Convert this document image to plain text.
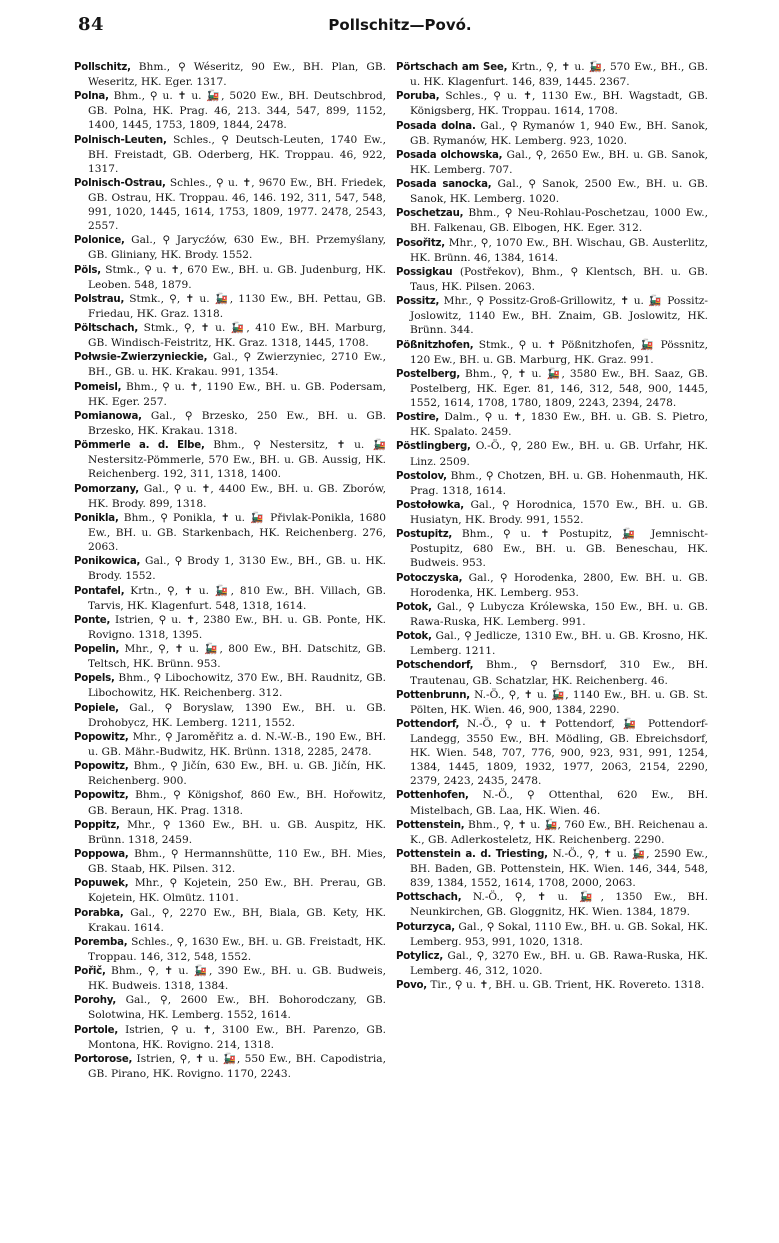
84	Pollschitz—Povó.

Pollschitz, Bhm., ⚲ Wéseritz, 90 Ew., BH. Plan, GB. Weseritz, HK. Eger. 1317.

Polna, Bhm., ⚲ u. ✝ u. 🚂, 5020 Ew., BH. Deutschbrod, GB. Polna, HK. Prag. 46, 213. 344, 547, 899, 1152, 1400, 1445, 1753, 1809, 1844, 2478.

Polnisch-Leuten, Schles., ⚲ Deutsch-Leuten, 1740 Ew., BH. Freistadt, GB. Oderberg, HK. Troppau. 46, 922, 1317.

Polnisch-Ostrau, Schles., ⚲ u. ✝, 9670 Ew., BH. Friedek, GB. Ostrau, HK. Troppau. 46, 146. 192, 311, 547, 548, 991, 1020, 1445, 1614, 1753, 1809, 1977. 2478, 2543, 2557.

Polonice, Gal., ⚲ Jarycźów, 630 Ew., BH. Przemyślany, GB. Gliniany, HK. Brody. 1552.

Pöls, Stmk., ⚲ u. ✝, 670 Ew., BH. u. GB. Judenburg, HK. Leoben. 548, 1879.

Polstrau, Stmk., ⚲, ✝ u. 🚂, 1130 Ew., BH. Pettau, GB. Friedau, HK. Graz. 1318.

Pöltschach, Stmk., ⚲, ✝ u. 🚂, 410 Ew., BH. Marburg, GB. Windisch-Feistritz, HK. Graz. 1318, 1445, 1708.

Połwsie-Zwierzynieckie, Gal., ⚲ Zwierzyniec, 2710 Ew., BH., GB. u. HK. Krakau. 991, 1354.

Pomeisl, Bhm., ⚲ u. ✝, 1190 Ew., BH. u. GB. Podersam, HK. Eger. 257.

Pomianowa, Gal., ⚲ Brzesko, 250 Ew., BH. u. GB. Brzesko, HK. Krakau. 1318.

Pömmerle a. d. Elbe, Bhm., ⚲ Nestersitz, ✝ u. 🚂 Nestersitz-Pömmerle, 570 Ew., BH. u. GB. Aussig, HK. Reichenberg. 192, 311, 1318, 1400.

Pomorzany, Gal., ⚲ u. ✝, 4400 Ew., BH. u. GB. Zborów, HK. Brody. 899, 1318.

Ponikla, Bhm., ⚲ Ponikla, ✝ u. 🚂 Přivlak-Ponikla, 1680 Ew., BH. u. GB. Starkenbach, HK. Reichenberg. 276, 2063.

Ponikowica, Gal., ⚲ Brody 1, 3130 Ew., BH., GB. u. HK. Brody. 1552.

Pontafel, Krtn., ⚲, ✝ u. 🚂, 810 Ew., BH. Villach, GB. Tarvis, HK. Klagenfurt. 548, 1318, 1614.

Ponte, Istrien, ⚲ u. ✝, 2380 Ew., BH. u. GB. Ponte, HK. Rovigno. 1318, 1395.

Popelin, Mhr., ⚲, ✝ u. 🚂, 800 Ew., BH. Datschitz, GB. Teltsch, HK. Brünn. 953.

Popels, Bhm., ⚲ Libochowitz, 370 Ew., BH. Raudnitz, GB. Libochowitz, HK. Reichenberg. 312.

Popiele, Gal., ⚲ Boryslaw, 1390 Ew., BH. u. GB. Drohobycz, HK. Lemberg. 1211, 1552.

Popowitz, Mhr., ⚲ Jaroměřitz a. d. N.-W.-B., 190 Ew., BH. u. GB. Mähr.-Budwitz, HK. Brünn. 1318, 2285, 2478.

Popowitz, Bhm., ⚲ Jičín, 630 Ew., BH. u. GB. Jičín, HK. Reichenberg. 900.

Popowitz, Bhm., ⚲ Königshof, 860 Ew., BH. Hořowitz, GB. Beraun, HK. Prag. 1318.

Poppitz, Mhr., ⚲ 1360 Ew., BH. u. GB. Auspitz, HK. Brünn. 1318, 2459.

Poppowa, Bhm., ⚲ Hermannshütte, 110 Ew., BH. Mies, GB. Staab, HK. Pilsen. 312.

Popuwek, Mhr., ⚲ Kojetein, 250 Ew., BH. Prerau, GB. Kojetein, HK. Olmütz. 1101.

Porabka, Gal., ⚲, 2270 Ew., BH, Biala, GB. Kety, HK. Krakau. 1614.

Poremba, Schles., ⚲, 1630 Ew., BH. u. GB. Freistadt, HK. Troppau. 146, 312, 548, 1552.

Pořič, Bhm., ⚲, ✝ u. 🚂, 390 Ew., BH. u. GB. Budweis, HK. Budweis. 1318, 1384.

Porohy, Gal., ⚲, 2600 Ew., BH. Bohorodczany, GB. Solotwina, HK. Lemberg. 1552, 1614.

Portole, Istrien, ⚲ u. ✝, 3100 Ew., BH. Parenzo, GB. Montona, HK. Rovigno. 214, 1318.

Portorose, Istrien, ⚲, ✝ u. 🚂, 550 Ew., BH. Capodistria, GB. Pirano, HK. Rovigno. 1170, 2243.

Pörtschach am See, Krtn., ⚲, ✝ u. 🚂, 570 Ew., BH., GB. u. HK. Klagenfurt. 146, 839, 1445. 2367.

Poruba, Schles., ⚲ u. ✝, 1130 Ew., BH. Wagstadt, GB. Königsberg, HK. Troppau. 1614, 1708.

Posada dolna. Gal., ⚲ Rymanów 1, 940 Ew., BH. Sanok, GB. Rymanów, HK. Lemberg. 923, 1020.

Posada olchowska, Gal., ⚲, 2650 Ew., BH. u. GB. Sanok, HK. Lemberg. 707.

Posada sanocka, Gal., ⚲ Sanok, 2500 Ew., BH. u. GB. Sanok, HK. Lemberg. 1020.

Poschetzau, Bhm., ⚲ Neu-Rohlau-Poschetzau, 1000 Ew., BH. Falkenau, GB. Elbogen, HK. Eger. 312.

Posořitz, Mhr., ⚲, 1070 Ew., BH. Wischau, GB. Austerlitz, HK. Brünn. 46, 1384, 1614.

Possigkau (Postřekov), Bhm., ⚲ Klentsch, BH. u. GB. Taus, HK. Pilsen. 2063.

Possitz, Mhr., ⚲ Possitz-Groß-Grillowitz, ✝ u. 🚂 Possitz-Joslowitz, 1140 Ew., BH. Znaim, GB. Joslowitz, HK. Brünn. 344.

Pößnitzhofen, Stmk., ⚲ u. ✝ Pößnitzhofen, 🚂 Pössnitz, 120 Ew., BH. u. GB. Marburg, HK. Graz. 991.

Postelberg, Bhm., ⚲, ✝ u. 🚂, 3580 Ew., BH. Saaz, GB. Postelberg, HK. Eger. 81, 146, 312, 548, 900, 1445, 1552, 1614, 1708, 1780, 1809, 2243, 2394, 2478.

Postire, Dalm., ⚲ u. ✝, 1830 Ew., BH. u. GB. S. Pietro, HK. Spalato. 2459.

Pöstlingberg, O.-Ö., ⚲, 280 Ew., BH. u. GB. Urfahr, HK. Linz. 2509.

Postolov, Bhm., ⚲ Chotzen, BH. u. GB. Hohenmauth, HK. Prag. 1318, 1614.

Postołowka, Gal., ⚲ Horodnica, 1570 Ew., BH. u. GB. Husiatyn, HK. Brody. 991, 1552.

Postupitz, Bhm., ⚲ u. ✝ Postupitz, 🚂 Jemnischt-Postupitz, 680 Ew., BH. u. GB. Beneschau, HK. Budweis. 953.

Potoczyska, Gal., ⚲ Horodenka, 2800, Ew. BH. u. GB. Horodenka, HK. Lemberg. 953.

Potok, Gal., ⚲ Lubycza Królewska, 150 Ew., BH. u. GB. Rawa-Ruska, HK. Lemberg. 991.

Potok, Gal., ⚲ Jedlicze, 1310 Ew., BH. u. GB. Krosno, HK. Lemberg. 1211.

Potschendorf, Bhm., ⚲ Bernsdorf, 310 Ew., BH. Trautenau, GB. Schatzlar, HK. Reichenberg. 46.

Pottenbrunn, N.-Ö., ⚲, ✝ u. 🚂, 1140 Ew., BH. u. GB. St. Pölten, HK. Wien. 46, 900, 1384, 2290.

Pottendorf, N.-Ö., ⚲ u. ✝ Pottendorf, 🚂 Pottendorf-Landegg, 3550 Ew., BH. Mödling, GB. Ebreichsdorf, HK. Wien. 548, 707, 776, 900, 923, 931, 991, 1254, 1384, 1445, 1809, 1932, 1977, 2063, 2154, 2290, 2379, 2423, 2435, 2478.

Pottenhofen, N.-Ö., ⚲ Ottenthal, 620 Ew., BH. Mistelbach, GB. Laa, HK. Wien. 46.

Pottenstein, Bhm., ⚲, ✝ u. 🚂, 760 Ew., BH. Reichenau a. K., GB. Adlerkosteletz, HK. Reichenberg. 2290.

Pottenstein a. d. Triesting, N.-Ö., ⚲, ✝ u. 🚂, 2590 Ew., BH. Baden, GB. Pottenstein, HK. Wien. 146, 344, 548, 839, 1384, 1552, 1614, 1708, 2000, 2063.

Pottschach, N.-Ö., ⚲, ✝ u. 🚂, 1350 Ew., BH. Neunkirchen, GB. Gloggnitz, HK. Wien. 1384, 1879.

Poturzyca, Gal., ⚲ Sokal, 1110 Ew., BH. u. GB. Sokal, HK. Lemberg. 953, 991, 1020, 1318.

Potylicz, Gal., ⚲, 3270 Ew., BH. u. GB. Rawa-Ruska, HK. Lemberg. 46, 312, 1020.

Povo, Tir., ⚲ u. ✝, BH. u. GB. Trient, HK. Rovereto. 1318.
